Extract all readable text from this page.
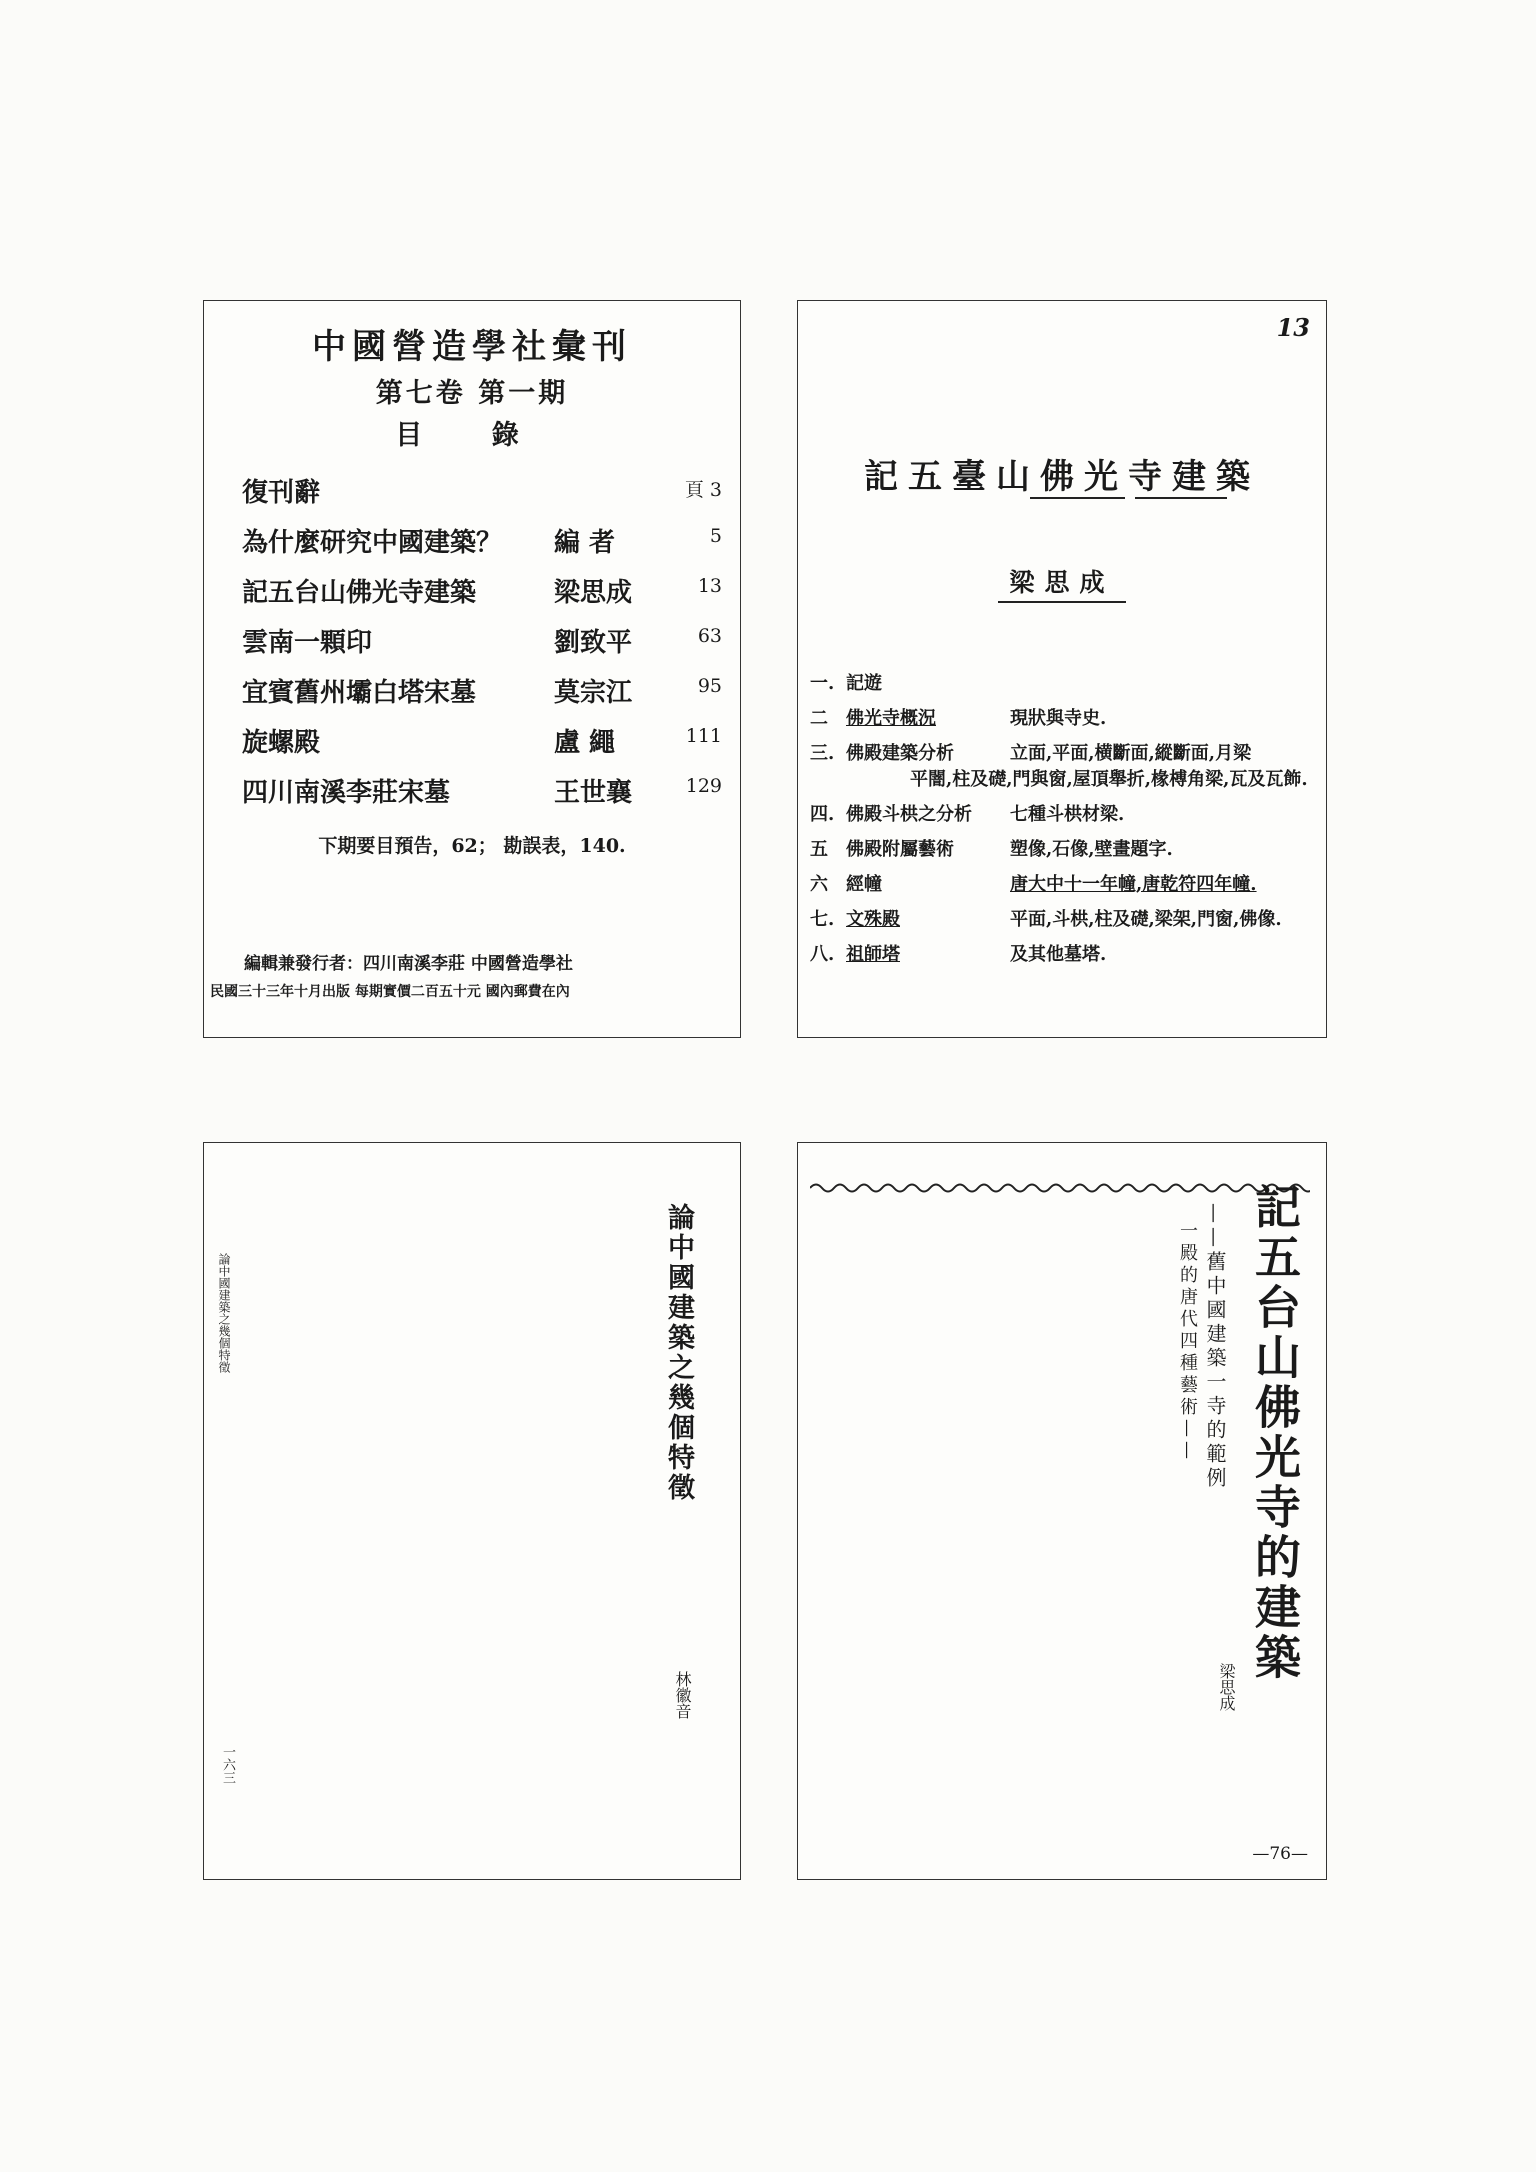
中國營造學社彙刊
第七卷 第一期
目 錄
復刊辭	頁 3
為什麼研究中國建築？ 編 者	5
記五台山佛光寺建築	梁思成	13
雲南一顆印	劉致平	63
宜賓舊州壩白塔宋墓	莫宗江	95
旋螺殿	盧 繩	111
四川南溪李莊宋墓	王世襄	129
下期要目預告，62； 勘誤表，140.
編輯兼發行者：四川南溪李莊 中國營造學社
民國三十三年十月出版 每期實價二百五十元 國內郵費在內
13
記五臺山佛光寺建築
梁思成
一. 記遊
二 佛光寺概況	現狀與寺史.
三. 佛殿建築分析	立面,平面,横斷面,縱斷面,月梁
平闇,柱及礎,門與窗,屋頂舉折,椽榑角梁,瓦及瓦飾.
四. 佛殿斗栱之分析 七種斗栱材梁.
五 佛殿附屬藝術	塑像,石像,壁畫題字.
六 經幢	唐大中十一年幢,唐乾符四年幢.
七. 文殊殿	平面,斗栱,柱及礎,梁架,門窗,佛像.
八. 祖師塔	及其他墓塔.
論中國建築之幾個特徵
林徽音
論中國建築之幾個特徵
一六三
記五台山佛光寺的建築
——舊中國建築一寺的範例
一殿的唐代四種藝術——
梁思成
—76—
